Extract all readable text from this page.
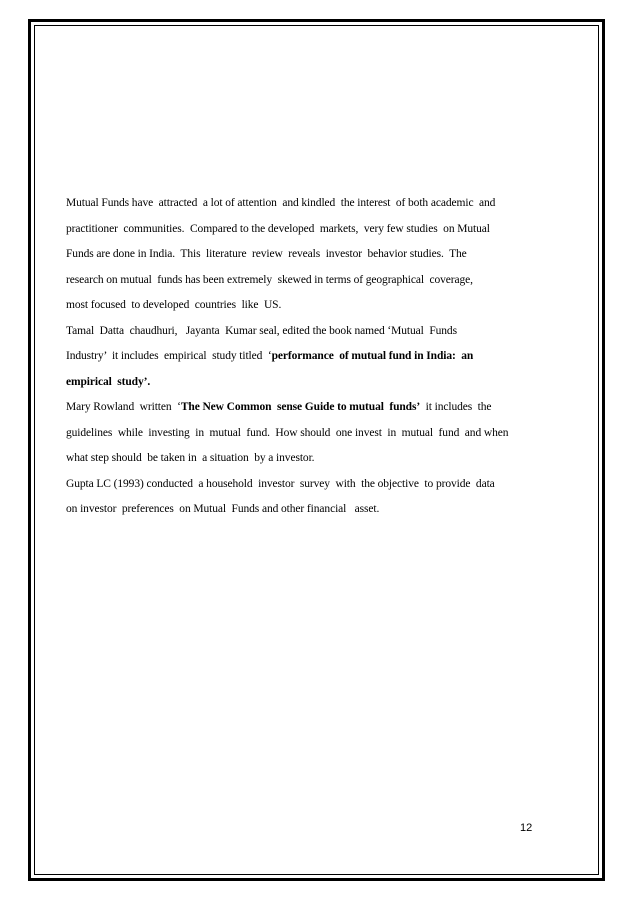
Mutual Funds have  attracted  a lot of attention  and kindled  the interest  of both academic  and
practitioner  communities.  Compared to the developed  markets,  very few studies  on Mutual
Funds are done in India.  This  literature  review  reveals  investor  behavior studies.  The
research on mutual  funds has been extremely  skewed in terms of geographical  coverage,
most focused  to developed  countries  like  US.
Tamal  Datta  chaudhuri,   Jayanta  Kumar seal, edited the book named ‘Mutual  Funds
Industry’  it includes  empirical  study titled  ‘performance  of mutual fund in India:  an
empirical  study’.
Mary Rowland  written  ‘The New Common  sense Guide to mutual  funds’  it includes  the
guidelines  while  investing  in  mutual  fund.  How should  one invest  in  mutual  fund  and when
what step should  be taken in  a situation  by a investor.
Gupta LC (1993) conducted  a household  investor  survey  with  the objective  to provide  data
on investor  preferences  on Mutual  Funds and other financial   asset.
12
